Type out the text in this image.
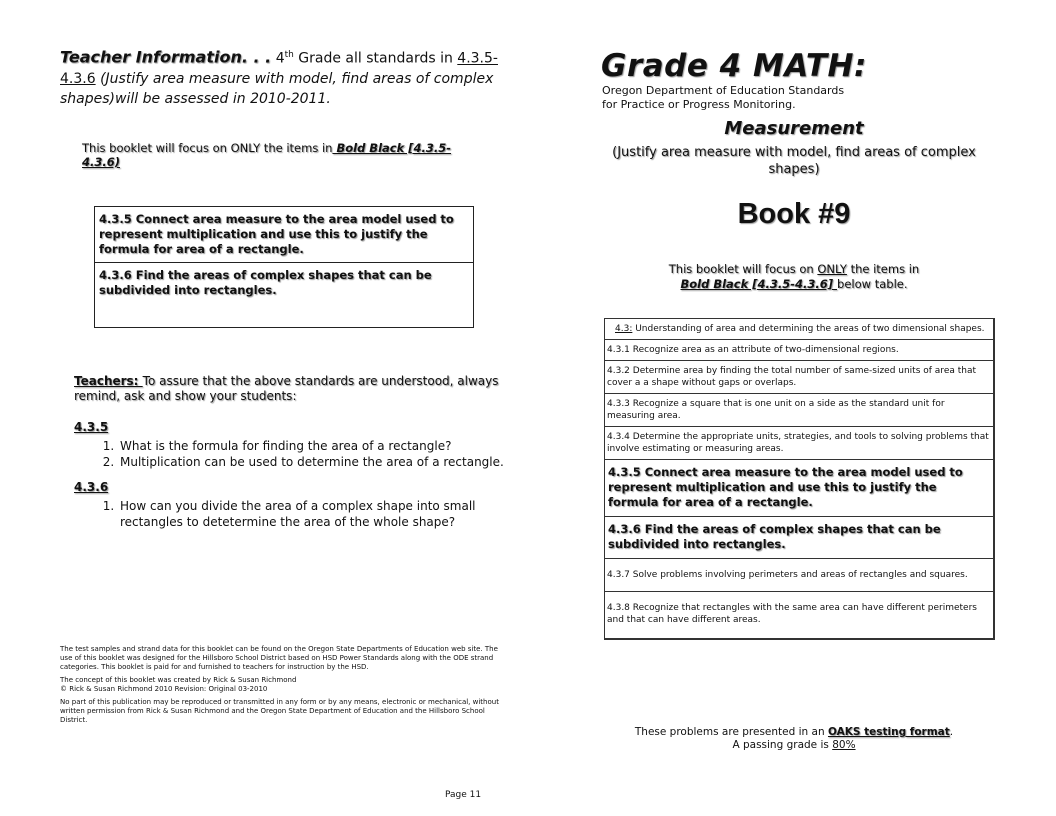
Teacher Information. . . 4th Grade all standards in 4.3.5-4.3.6 (Justify area measure with model, find areas of complex shapes)will be assessed in 2010-2011.
This booklet will focus on ONLY the items in Bold Black [4.3.5-4.3.6)
4.3.5 Connect area measure to the area model used to represent multiplication and use this to justify the formula for area of a rectangle.
4.3.6 Find the areas of complex shapes that can be subdivided into rectangles.
Teachers: To assure that the above standards are understood, always remind, ask and show your students:
4.3.5
1. What is the formula for finding the area of a rectangle?
2. Multiplication can be used to determine the area of a rectangle.
4.3.6
1. How can you divide the area of a complex shape into small rectangles to detetermine the area of the whole shape?

The test samples and strand data for this booklet can be found on the Oregon State Departments of Education web site. The use of this booklet was designed for the Hillsboro School District based on HSD Power Standards along with the ODE strand categories. This booklet is paid for and furnished to teachers for instruction by the HSD.

The concept of this booklet was created by Rick & Susan Richmond

© Rick & Susan Richmond 2010 Revision: Original 03-2010

No part of this publication may be reproduced or transmitted in any form or by any means, electronic or mechanical, without written permission from Rick & Susan Richmond and the Oregon State Department of Education and the Hillsboro School District.

Page 11
Grade 4 MATH:
Oregon Department of Education Standards
for Practice or Progress Monitoring.
Measurement
(Justify area measure with model, find areas of complex shapes)
Book #9
This booklet will focus on ONLY the items in
Bold Black [4.3.5-4.3.6] below table.
4.3: Understanding of area and determining the areas of two dimensional shapes.
4.3.1 Recognize area as an attribute of two-dimensional regions.
4.3.2 Determine area by finding the total number of same-sized units of area that cover a a shape without gaps or overlaps.
4.3.3 Recognize a square that is one unit on a side as the standard unit for measuring area.
4.3.4 Determine the appropriate units, strategies, and tools to solving problems that involve estimating or measuring areas.
4.3.5 Connect area measure to the area model used to represent multiplication and use this to justify the formula for area of a rectangle.
4.3.6 Find the areas of complex shapes that can be subdivided into rectangles.
4.3.7 Solve problems involving perimeters and areas of rectangles and squares.
4.3.8 Recognize that rectangles with the same area can have different perimeters and that can have different areas.
These problems are presented in an OAKS testing format.
A passing grade is 80%
